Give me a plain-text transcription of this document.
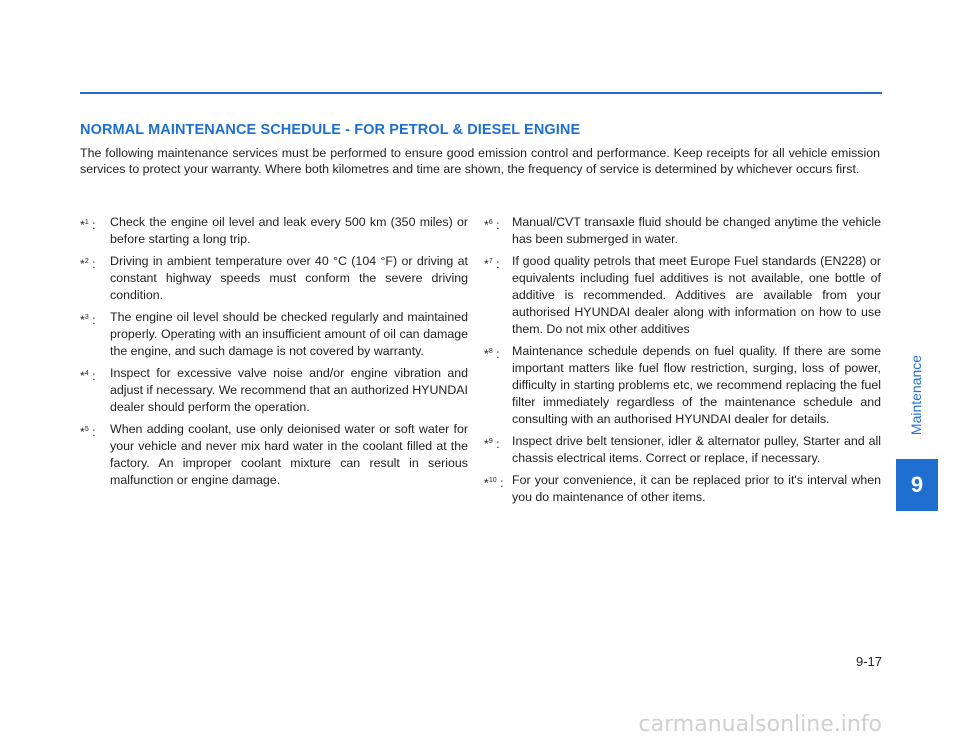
NORMAL MAINTENANCE SCHEDULE - FOR PETROL & DIESEL ENGINE
The following maintenance services must be performed to ensure good emission control and performance. Keep receipts for all vehicle emission services to protect your warranty. Where both kilometres and time are shown, the frequency of service is determined by whichever occurs first.
*$^1$ : Check the engine oil level and leak every 500 km (350 miles) or before starting a long trip.
*$^2$ : Driving in ambient temperature over 40 °C (104 °F) or driving at constant highway speeds must conform the severe driving condition.
*$^3$ : The engine oil level should be checked regularly and maintained properly. Operating with an insufficient amount of oil can damage the engine, and such damage is not covered by warranty.
*$^4$ : Inspect for excessive valve noise and/or engine vibration and adjust if necessary. We recommend that an authorized HYUNDAI dealer should perform the operation.
*$^5$ : When adding coolant, use only deionised water or soft water for your vehicle and never mix hard water in the coolant filled at the factory. An improper coolant mixture can result in serious malfunction or engine damage.
*$^6$ : Manual/CVT transaxle fluid should be changed anytime the vehicle has been submerged in water.
*$^7$ : If good quality petrols that meet Europe Fuel standards (EN228) or equivalents including fuel additives is not available, one bottle of additive is recommended. Additives are available from your authorised HYUNDAI dealer along with information on how to use them. Do not mix other additives
*$^8$ : Maintenance schedule depends on fuel quality. If there are some important matters like fuel flow restriction, surging, loss of power, difficulty in starting problems etc, we recommend replacing the fuel filter immediately regardless of the maintenance schedule and consulting with an authorised HYUNDAI dealer for details.
*$^9$ : Inspect drive belt tensioner, idler & alternator pulley, Starter and all chassis electrical items. Correct or replace, if necessary.
*$^{10}$ : For your convenience, it can be replaced prior to it's interval when you do maintenance of other items.
Maintenance
9
9-17
carmanualsonline.info
